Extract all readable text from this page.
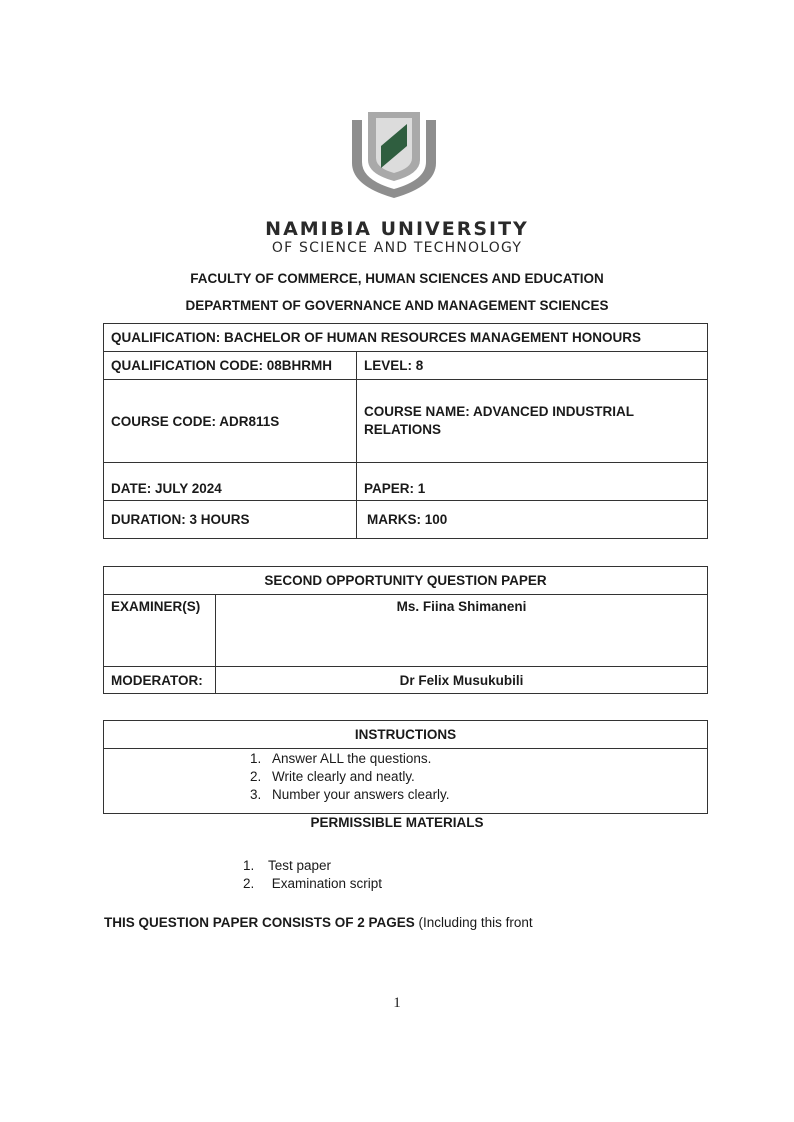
NAMIBIA UNIVERSITY
OF SCIENCE AND TECHNOLOGY
FACULTY OF COMMERCE, HUMAN SCIENCES AND EDUCATION
DEPARTMENT OF GOVERNANCE AND MANAGEMENT SCIENCES
QUALIFICATION: BACHELOR OF HUMAN RESOURCES MANAGEMENT HONOURS	
QUALIFICATION CODE: 08BHRMH	LEVEL: 8
COURSE CODE: ADR811S	COURSE NAME: ADVANCED INDUSTRIAL RELATIONS
DATE: JULY 2024	PAPER: 1
DURATION: 3 HOURS	MARKS: 100
SECOND OPPORTUNITY QUESTION PAPER	
EXAMINER(S)	Ms. Fiina Shimaneni
MODERATOR:	Dr Felix Musukubili
INSTRUCTIONS
1. Answer ALL the questions.
2. Write clearly and neatly.
3. Number your answers clearly.
PERMISSIBLE MATERIALS
1. Test paper
2. Examination script
THIS QUESTION PAPER CONSISTS OF 2 PAGES (Including this front
1
